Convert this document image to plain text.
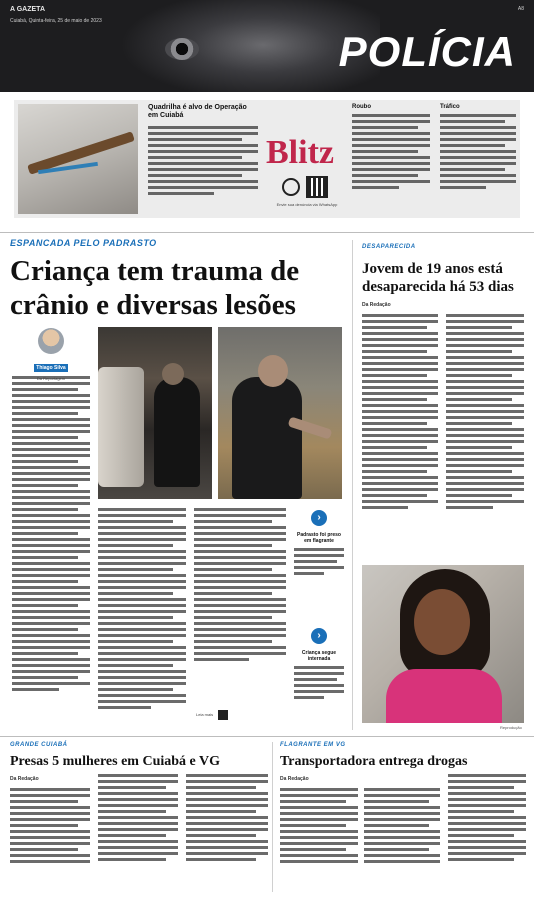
A GAZETA
Cuiabá, Quinta-feira, 25 de maio de 2023
A8
POLÍCIA
Quadrilha é alvo de Operação em Cuiabá
Blitz
Envie sua denúncia via WhatsApp
Roubo	Tráfico
ESPANCADA PELO PADRASTO
Criança tem trauma de crânio e diversas lesões
Thiago Silva
›
Padrasto foi preso em flagrante
›
Criança segue internada
Leia mais
DESAPARECIDA
Jovem de 19 anos está desaparecida há 53 dias
Da Redação
Reprodução
GRANDE CUIABÁ
Presas 5 mulheres em Cuiabá e VG
Da Redação
FLAGRANTE EM VG
Transportadora entrega drogas
Da Redação
